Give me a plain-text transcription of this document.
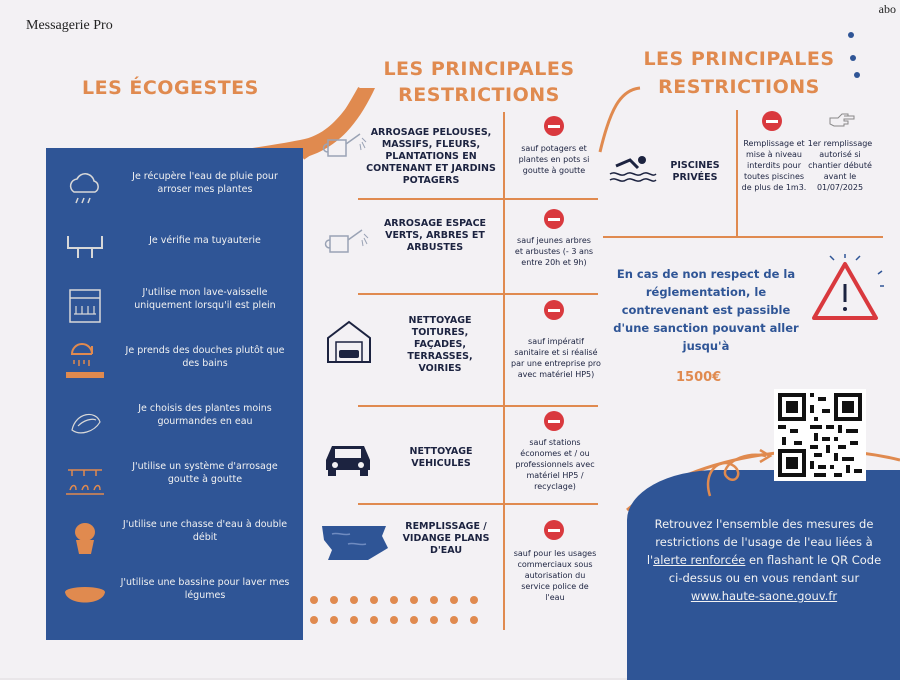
Messagerie Pro
abo
LES ÉCOGESTES
LES PRINCIPALES
RESTRICTIONS
LES PRINCIPALES
RESTRICTIONS
Je récupère l'eau de pluie pour arroser mes plantes
Je vérifie ma tuyauterie
J'utilise mon lave-vaisselle uniquement lorsqu'il est plein
Je prends des douches plutôt que des bains
Je choisis des plantes moins gourmandes en eau
J'utilise un système d'arrosage goutte à goutte
J'utilise une chasse d'eau à double débit
J'utilise une bassine pour laver mes légumes
ARROSAGE PELOUSES, MASSIFS, FLEURS, PLANTATIONS EN CONTENANT ET JARDINS POTAGERS
sauf potagers et plantes en pots si goutte à goutte
ARROSAGE ESPACE VERTS, ARBRES ET ARBUSTES
sauf jeunes arbres et arbustes (- 3 ans entre 20h et 9h)
NETTOYAGE TOITURES, FAÇADES, TERRASSES, VOIRIES
sauf impératif sanitaire et si réalisé par une entreprise pro avec matériel HP5)
NETTOYAGE VEHICULES
sauf stations économes et / ou professionnels avec matériel HP5 / recyclage)
REMPLISSAGE / VIDANGE PLANS D'EAU	sauf pour les usages commerciaux sous autorisation du service police de l'eau
PISCINES PRIVÉES
Remplissage et mise à niveau interdits pour toutes piscines de plus de 1m3.
1er remplissage autorisé si chantier débuté avant le 01/07/2025
En cas de non respect de la réglementation, le contrevenant est passible d'une sanction pouvant aller jusqu'à
1500€
Retrouvez l'ensemble des mesures de restrictions de l'usage de l'eau liées à l'alerte renforcée en flashant le QR Code ci-dessus ou en vous rendant sur www.haute-saone.gouv.fr
